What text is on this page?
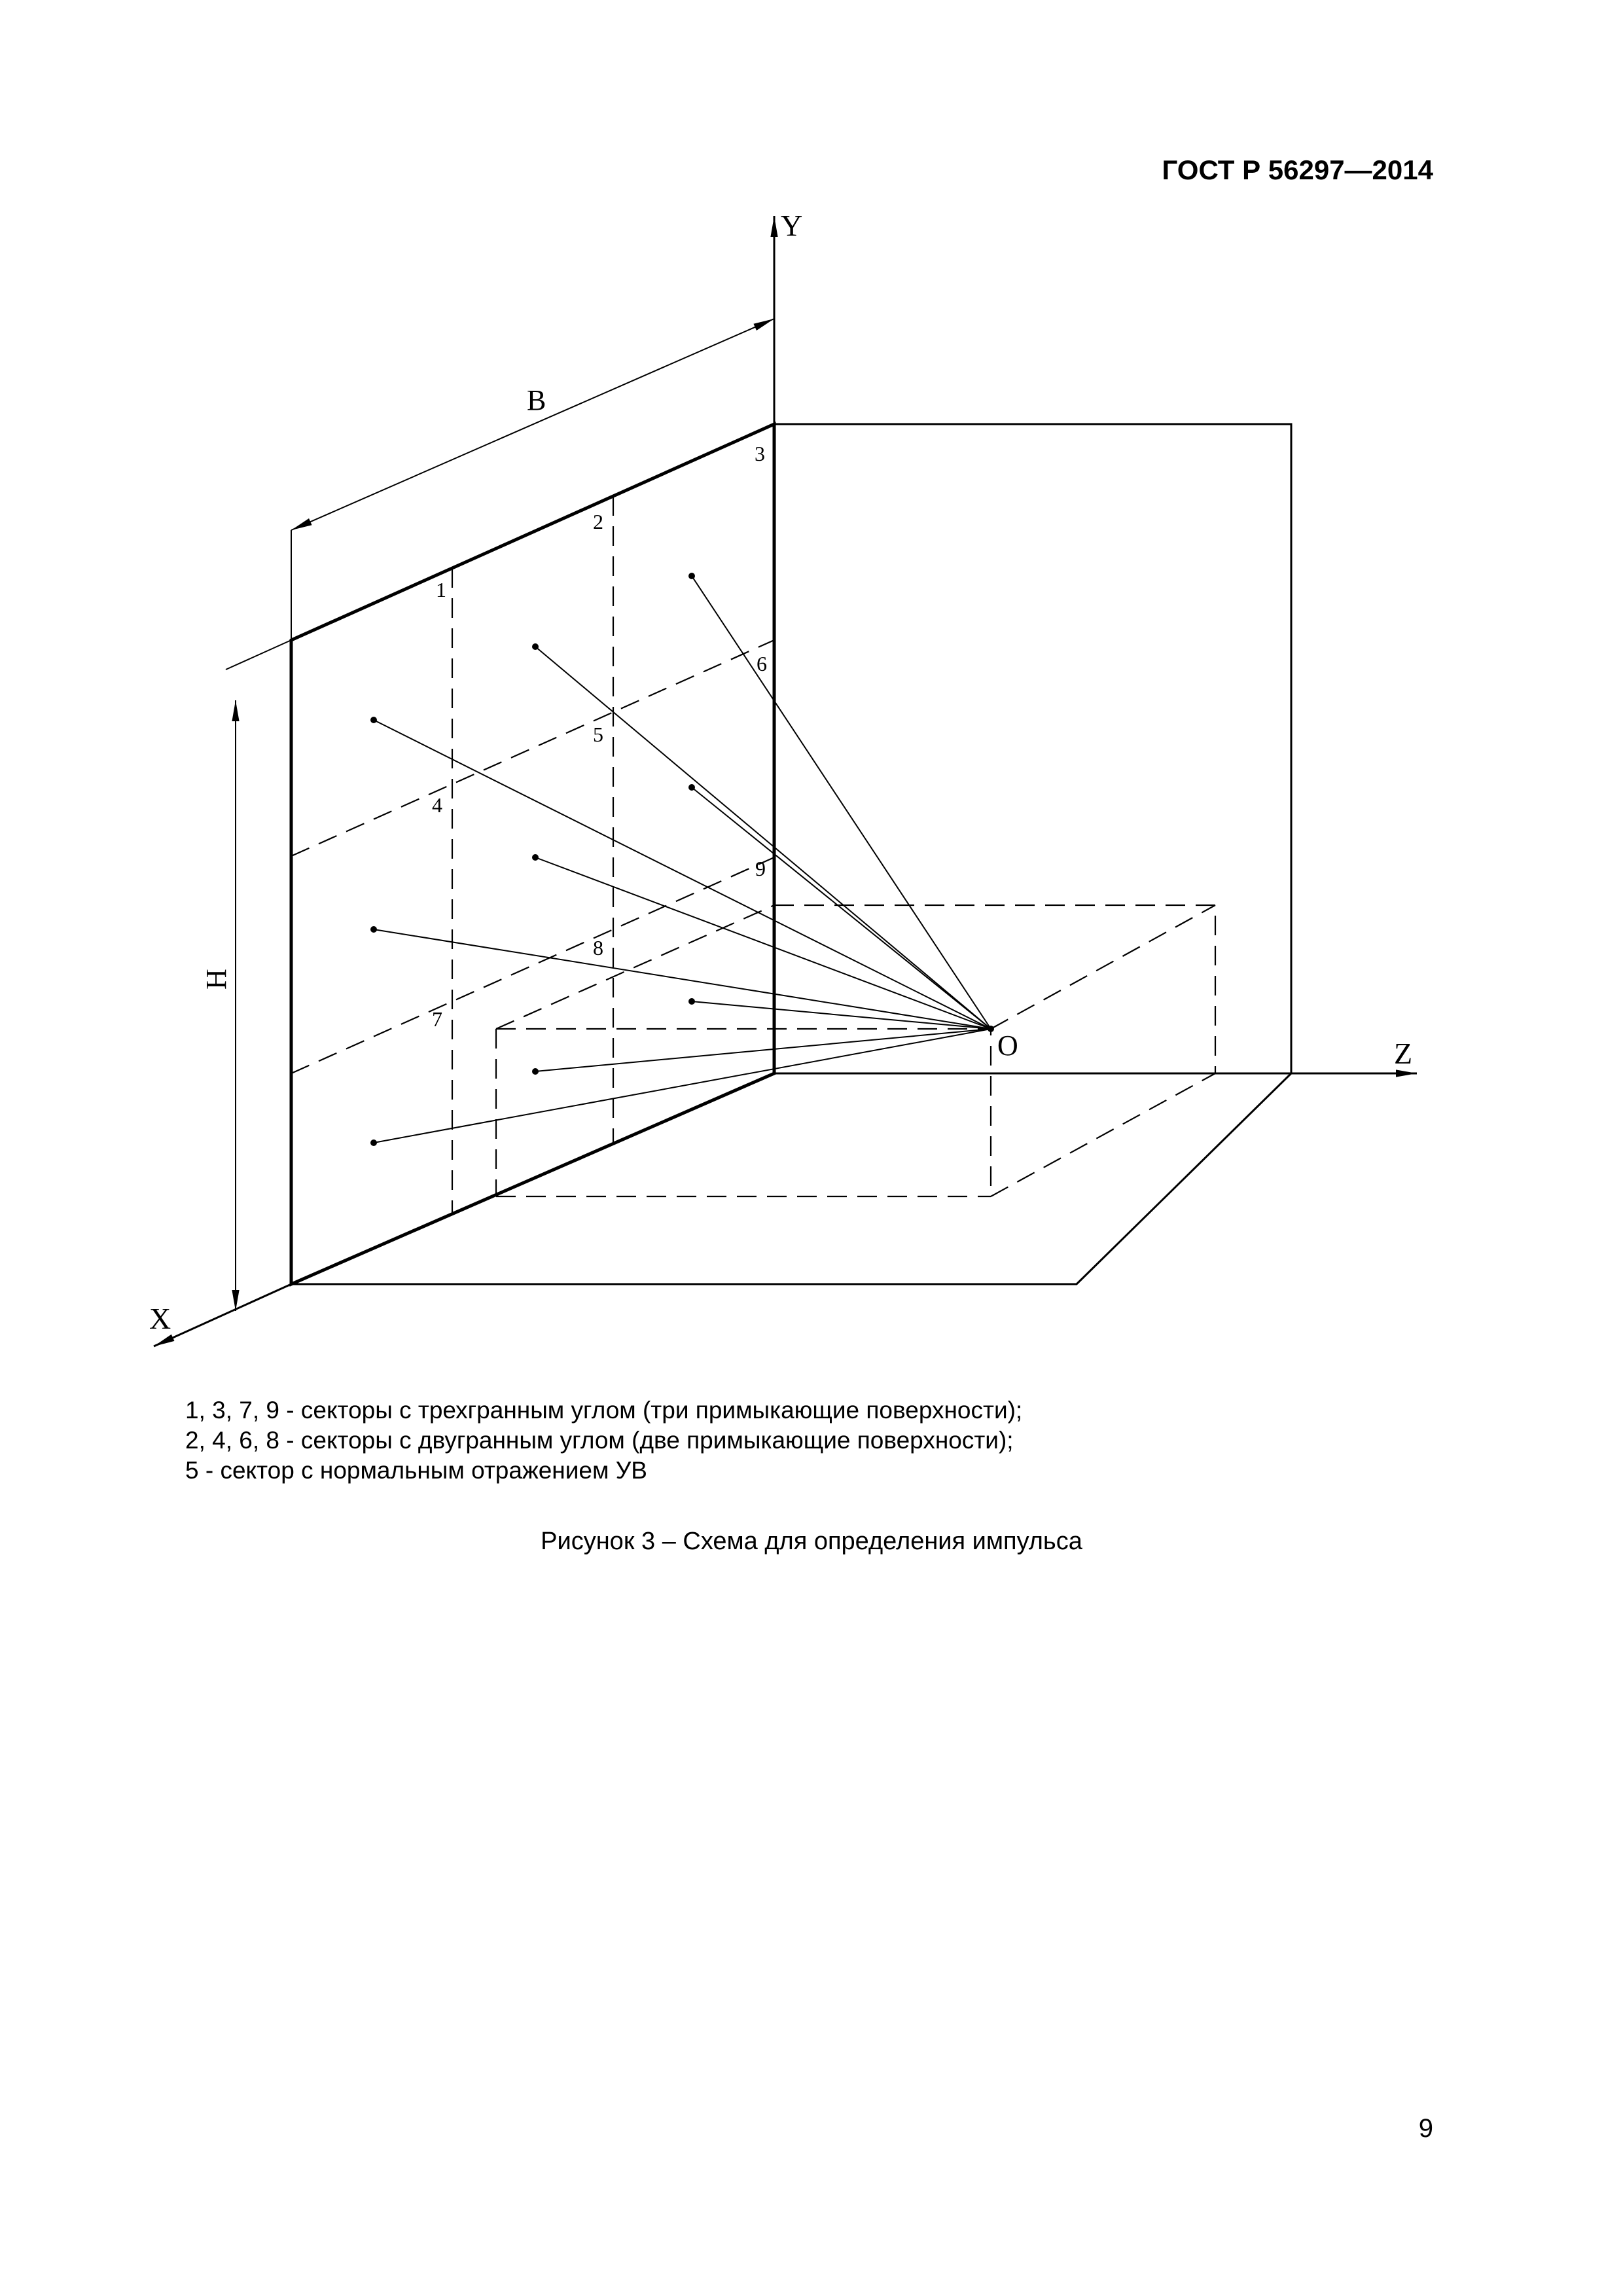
ГОСТ Р 56297—2014
Y
Z
X
O
B
H
1
2
3
4
5
6
7
8
9
1, 3, 7, 9 - секторы с трехгранным углом (три примыкающие поверхности);
2, 4, 6, 8 - секторы с двугранным углом (две примыкающие поверхности);
5 - сектор с нормальным отражением УВ
Рисунок 3 – Схема для определения импульса
9
